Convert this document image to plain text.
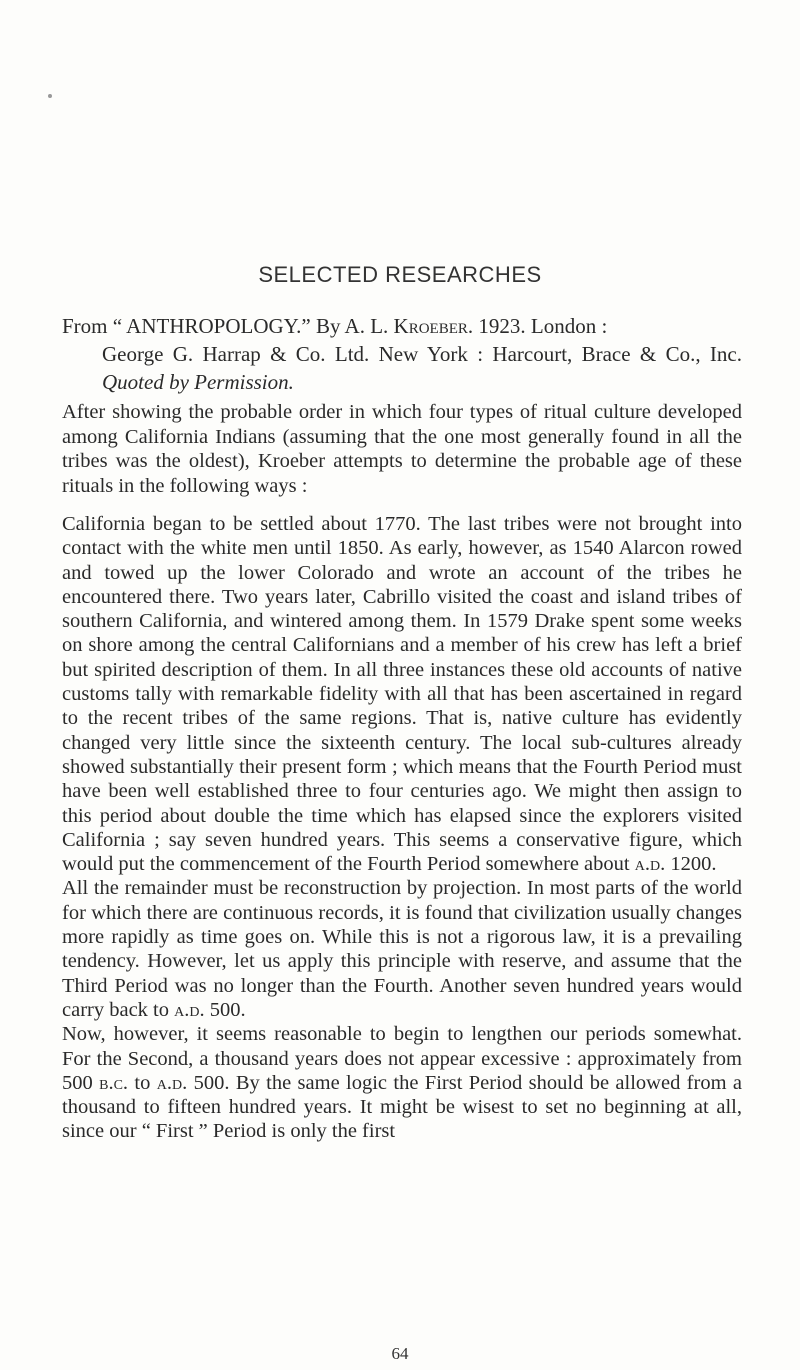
SELECTED RESEARCHES
From “ ANTHROPOLOGY.” By A. L. Kroeber. 1923. London :
George G. Harrap & Co. Ltd. New York : Harcourt, Brace & Co., Inc. Quoted by Permission.

After showing the probable order in which four types of ritual culture developed among California Indians (assuming that the one most generally found in all the tribes was the oldest), Kroeber attempts to determine the probable age of these rituals in the following ways :

California began to be settled about 1770. The last tribes were not brought into contact with the white men until 1850. As early, however, as 1540 Alarcon rowed and towed up the lower Colorado and wrote an account of the tribes he encountered there. Two years later, Cabrillo visited the coast and island tribes of southern California, and wintered among them. In 1579 Drake spent some weeks on shore among the central Californians and a member of his crew has left a brief but spirited description of them. In all three instances these old accounts of native customs tally with remarkable fidelity with all that has been ascertained in regard to the recent tribes of the same regions. That is, native culture has evidently changed very little since the sixteenth century. The local sub-cultures already showed substantially their present form ; which means that the Fourth Period must have been well established three to four centuries ago. We might then assign to this period about double the time which has elapsed since the explorers visited California ; say seven hundred years. This seems a conservative figure, which would put the commencement of the Fourth Period somewhere about a.d. 1200.

All the remainder must be reconstruction by projection. In most parts of the world for which there are continuous records, it is found that civilization usually changes more rapidly as time goes on. While this is not a rigorous law, it is a prevailing tendency. However, let us apply this principle with reserve, and assume that the Third Period was no longer than the Fourth. Another seven hundred years would carry back to a.d. 500.

Now, however, it seems reasonable to begin to lengthen our periods somewhat. For the Second, a thousand years does not appear excessive : approximately from 500 b.c. to a.d. 500. By the same logic the First Period should be allowed from a thousand to fifteen hundred years. It might be wisest to set no beginning at all, since our “ First ” Period is only the first

64
